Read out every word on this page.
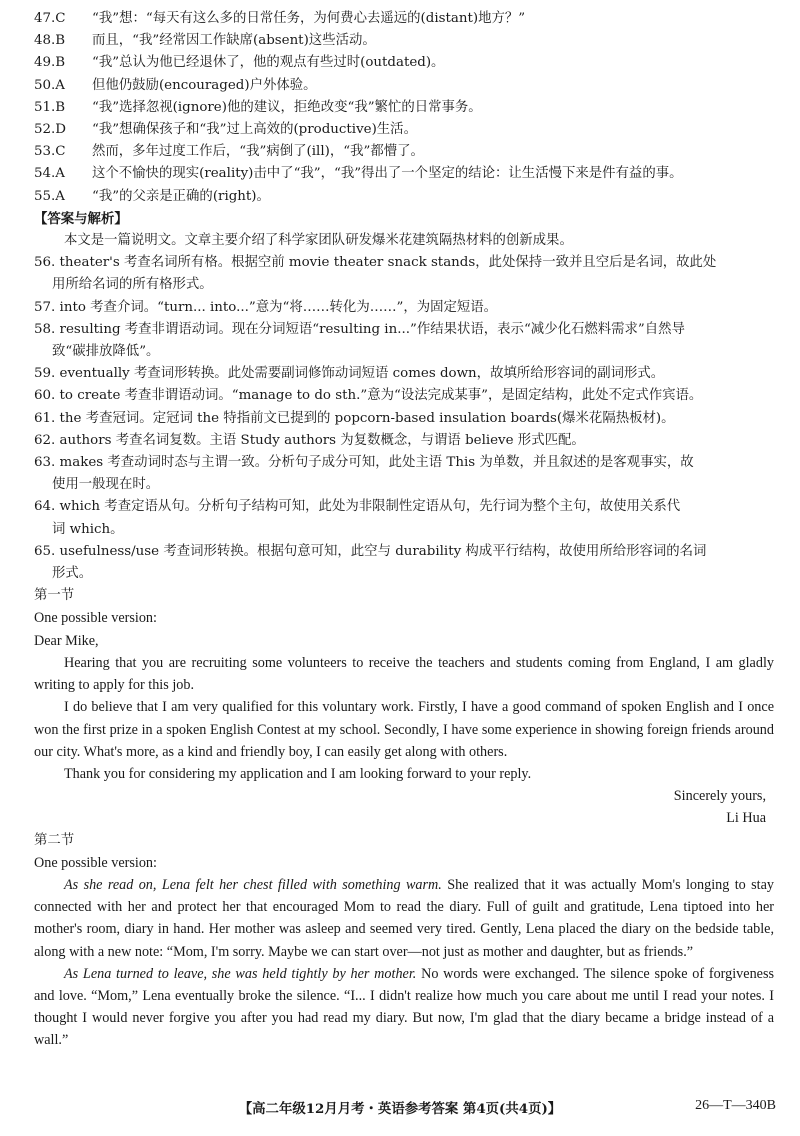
47.C	“我”想：“每天有这么多的日常任务，为何费心去遥远的(distant)地方？”
48.B	而且，“我”经常因工作缺席(absent)这些活动。
49.B	“我”总认为他已经退休了，他的观点有些过时(outdated)。
50.A	但他仍鼓励(encouraged)户外体验。
51.B	“我”选择忽视(ignore)他的建议，拒绝改变“我”繁忙的日常事务。
52.D	“我”想确保孩子和“我”过上高效的(productive)生活。
53.C	然而，多年过度工作后，“我”病倒了(ill)，“我”都懵了。
54.A	这个不愉快的现实(reality)击中了“我”，“我”得出了一个坚定的结论：让生活慢下来是件有益的事。
55.A	“我”的父亲是正确的(right)。
【答案与解析】
本文是一篇说明文。文章主要介绍了科学家团队研发爆米花建筑隔热材料的创新成果。
56. theater's 考查名词所有格。根据空前 movie theater snack stands，此处保持一致并且空后是名词，故此处
用所给名词的所有格形式。
57. into 考查介词。“turn... into...”意为“将……转化为……”，为固定短语。
58. resulting 考查非谓语动词。现在分词短语“resulting in...”作结果状语，表示“减少化石燃料需求”自然导
致“碳排放降低”。
59. eventually 考查词形转换。此处需要副词修饰动词短语 comes down，故填所给形容词的副词形式。
60. to create 考查非谓语动词。“manage to do sth.”意为“设法完成某事”，是固定结构，此处不定式作宾语。
61. the 考查冠词。定冠词 the 特指前文已提到的 popcorn-based insulation boards(爆米花隔热板材)。
62. authors 考查名词复数。主语 Study authors 为复数概念，与谓语 believe 形式匹配。
63. makes 考查动词时态与主谓一致。分析句子成分可知，此处主语 This 为单数，并且叙述的是客观事实，故
使用一般现在时。
64. which 考查定语从句。分析句子结构可知，此处为非限制性定语从句，先行词为整个主句，故使用关系代
词 which。
65. usefulness/use 考查词形转换。根据句意可知，此空与 durability 构成平行结构，故使用所给形容词的名词
形式。
第一节
One possible version:
Dear Mike,
Hearing that you are recruiting some volunteers to receive the teachers and students coming from England, I am gladly writing to apply for this job.
I do believe that I am very qualified for this voluntary work. Firstly, I have a good command of spoken English and I once won the first prize in a spoken English Contest at my school. Secondly, I have some experience in showing foreign friends around our city. What's more, as a kind and friendly boy, I can easily get along with others.
Thank you for considering my application and I am looking forward to your reply.
Sincerely yours,
Li Hua
第二节
One possible version:
As she read on, Lena felt her chest filled with something warm. She realized that it was actually Mom's longing to stay connected with her and protect her that encouraged Mom to read the diary. Full of guilt and gratitude, Lena tiptoed into her mother's room, diary in hand. Her mother was asleep and seemed very tired. Gently, Lena placed the diary on the bedside table, along with a new note: “Mom, I'm sorry. Maybe we can start over—not just as mother and daughter, but as friends.”
As Lena turned to leave, she was held tightly by her mother. No words were exchanged. The silence spoke of forgiveness and love. “Mom,” Lena eventually broke the silence. “I... I didn't realize how much you care about me until I read your notes. I thought I would never forgive you after you had read my diary. But now, I'm glad that the diary became a bridge instead of a wall.”
【高二年级12月月考・英语参考答案 第4页(共4页)】	26—T—340B
